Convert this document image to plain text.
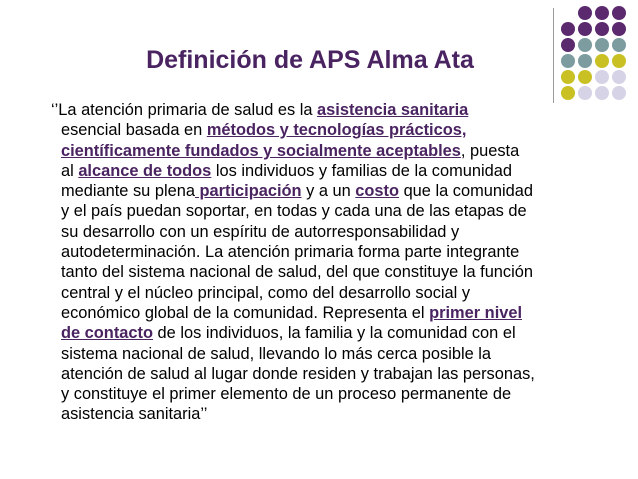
Definición de APS Alma Ata
‘’La atención primaria de salud es la asistencia sanitaria
esencial basada en métodos y tecnologías prácticos,
científicamente fundados y socialmente aceptables, puesta
al alcance de todos los individuos y familias de la comunidad
mediante su plena participación y a un costo que la comunidad
y el país puedan soportar, en todas y cada una de las etapas de
su desarrollo con un espíritu de autorresponsabilidad y
autodeterminación. La atención primaria forma parte integrante
tanto del sistema nacional de salud, del que constituye la función
central y el núcleo principal, como del desarrollo social y
económico global de la comunidad. Representa el primer nivel
de contacto de los individuos, la familia y la comunidad con el
sistema nacional de salud, llevando lo más cerca posible la
atención de salud al lugar donde residen y trabajan las personas,
y constituye el primer elemento de un proceso permanente de
asistencia sanitaria’’
